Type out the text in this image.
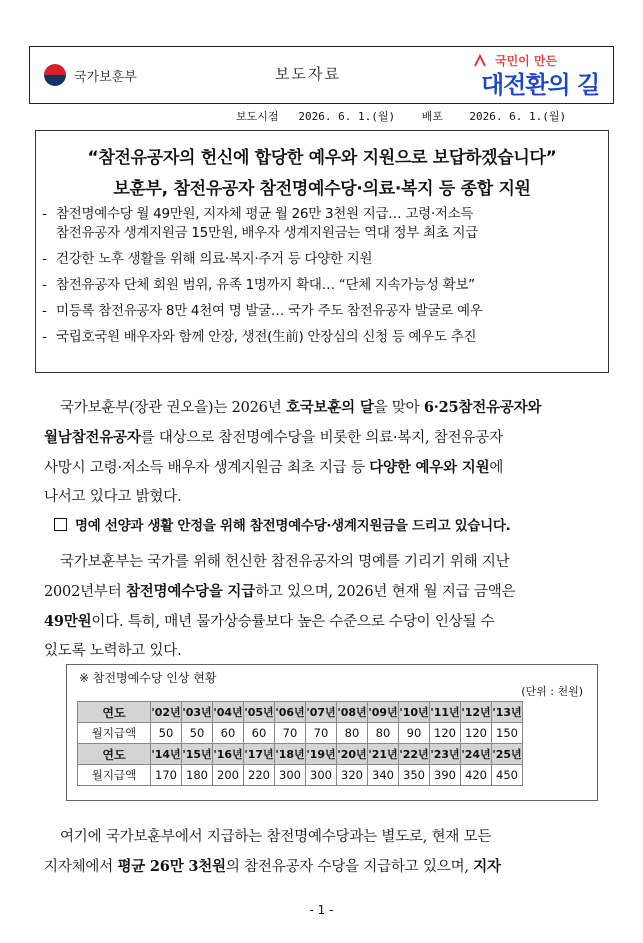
국가보훈부	보도자료
국민이 만든
대전환의 길
보도시점
2026. 6. 1.(월)
배포
2026. 6. 1.(월)
“참전유공자의 헌신에 합당한 예우와 지원으로 보답하겠습니다”
보훈부, 참전유공자 참전명예수당·의료·복지 등 종합 지원
- 참전명예수당 월 49만원, 지자체 평균 월 26만 3천원 지급… 고령·저소득
참전유공자 생계지원금 15만원, 배우자 생계지원금는 역대 정부 최초 지급
- 건강한 노후 생활을 위해 의료·복지·주거 등 다양한 지원
- 참전유공자 단체 회원 범위, 유족 1명까지 확대… “단체 지속가능성 확보”
- 미등록 참전유공자 8만 4천여 명 발굴… 국가 주도 참전유공자 발굴로 예우
- 국립호국원 배우자와 함께 안장, 생전(生前) 안장심의 신청 등 예우도 추진
국가보훈부(장관 권오을)는 2026년 호국보훈의 달을 맞아 6·25참전유공자와
월남참전유공자를 대상으로 참전명예수당을 비롯한 의료·복지, 참전유공자
사망시 고령·저소득 배우자 생계지원금 최초 지급 등 다양한 예우와 지원에
나서고 있다고 밝혔다.
명예 선양과 생활 안정을 위해 참전명예수당·생계지원금을 드리고 있습니다.
국가보훈부는 국가를 위해 헌신한 참전유공자의 명예를 기리기 위해 지난
2002년부터 참전명예수당을 지급하고 있으며, 2026년 현재 월 지급 금액은
49만원이다. 특히, 매년 물가상승률보다 높은 수준으로 수당이 인상될 수
있도록 노력하고 있다.
※ 참전명예수당 인상 현황
(단위 : 천원)
연도	'02년	'03년	'04년	'05년	'06년	'07년	'08년	'09년	'10년	'11년	'12년	'13년
월지급액	50	50	60	60	70	70	80	80	90	120	120	150
연도	'14년	'15년	'16년	'17년	'18년	'19년	'20년	'21년	'22년	'23년	'24년	'25년
월지급액	170	180	200	220	300	300	320	340	350	390	420	450
여기에 국가보훈부에서 지급하는 참전명예수당과는 별도로, 현재 모든
지자체에서 평균 26만 3천원의 참전유공자 수당을 지급하고 있으며, 지자
- 1 -
